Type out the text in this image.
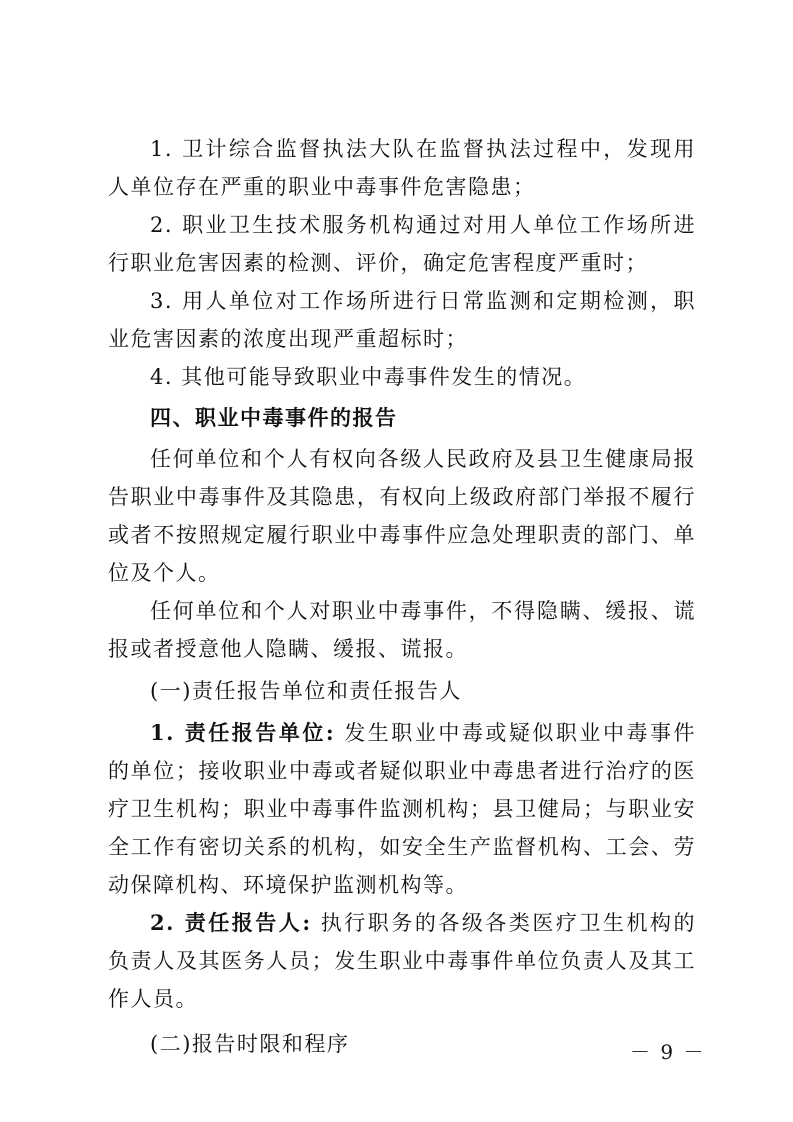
1. 卫计综合监督执法大队在监督执法过程中，发现用人单位存在严重的职业中毒事件危害隐患；

2. 职业卫生技术服务机构通过对用人单位工作场所进行职业危害因素的检测、评价，确定危害程度严重时；

3. 用人单位对工作场所进行日常监测和定期检测，职业危害因素的浓度出现严重超标时；

4. 其他可能导致职业中毒事件发生的情况。

四、职业中毒事件的报告

任何单位和个人有权向各级人民政府及县卫生健康局报告职业中毒事件及其隐患，有权向上级政府部门举报不履行或者不按照规定履行职业中毒事件应急处理职责的部门、单位及个人。

任何单位和个人对职业中毒事件，不得隐瞒、缓报、谎报或者授意他人隐瞒、缓报、谎报。

(一)责任报告单位和责任报告人

1. 责任报告单位: 发生职业中毒或疑似职业中毒事件的单位；接收职业中毒或者疑似职业中毒患者进行治疗的医疗卫生机构；职业中毒事件监测机构；县卫健局；与职业安全工作有密切关系的机构，如安全生产监督机构、工会、劳动保障机构、环境保护监测机构等。

2. 责任报告人: 执行职务的各级各类医疗卫生机构的负责人及其医务人员；发生职业中毒事件单位负责人及其工作人员。

(二)报告时限和程序	－ 9 －
